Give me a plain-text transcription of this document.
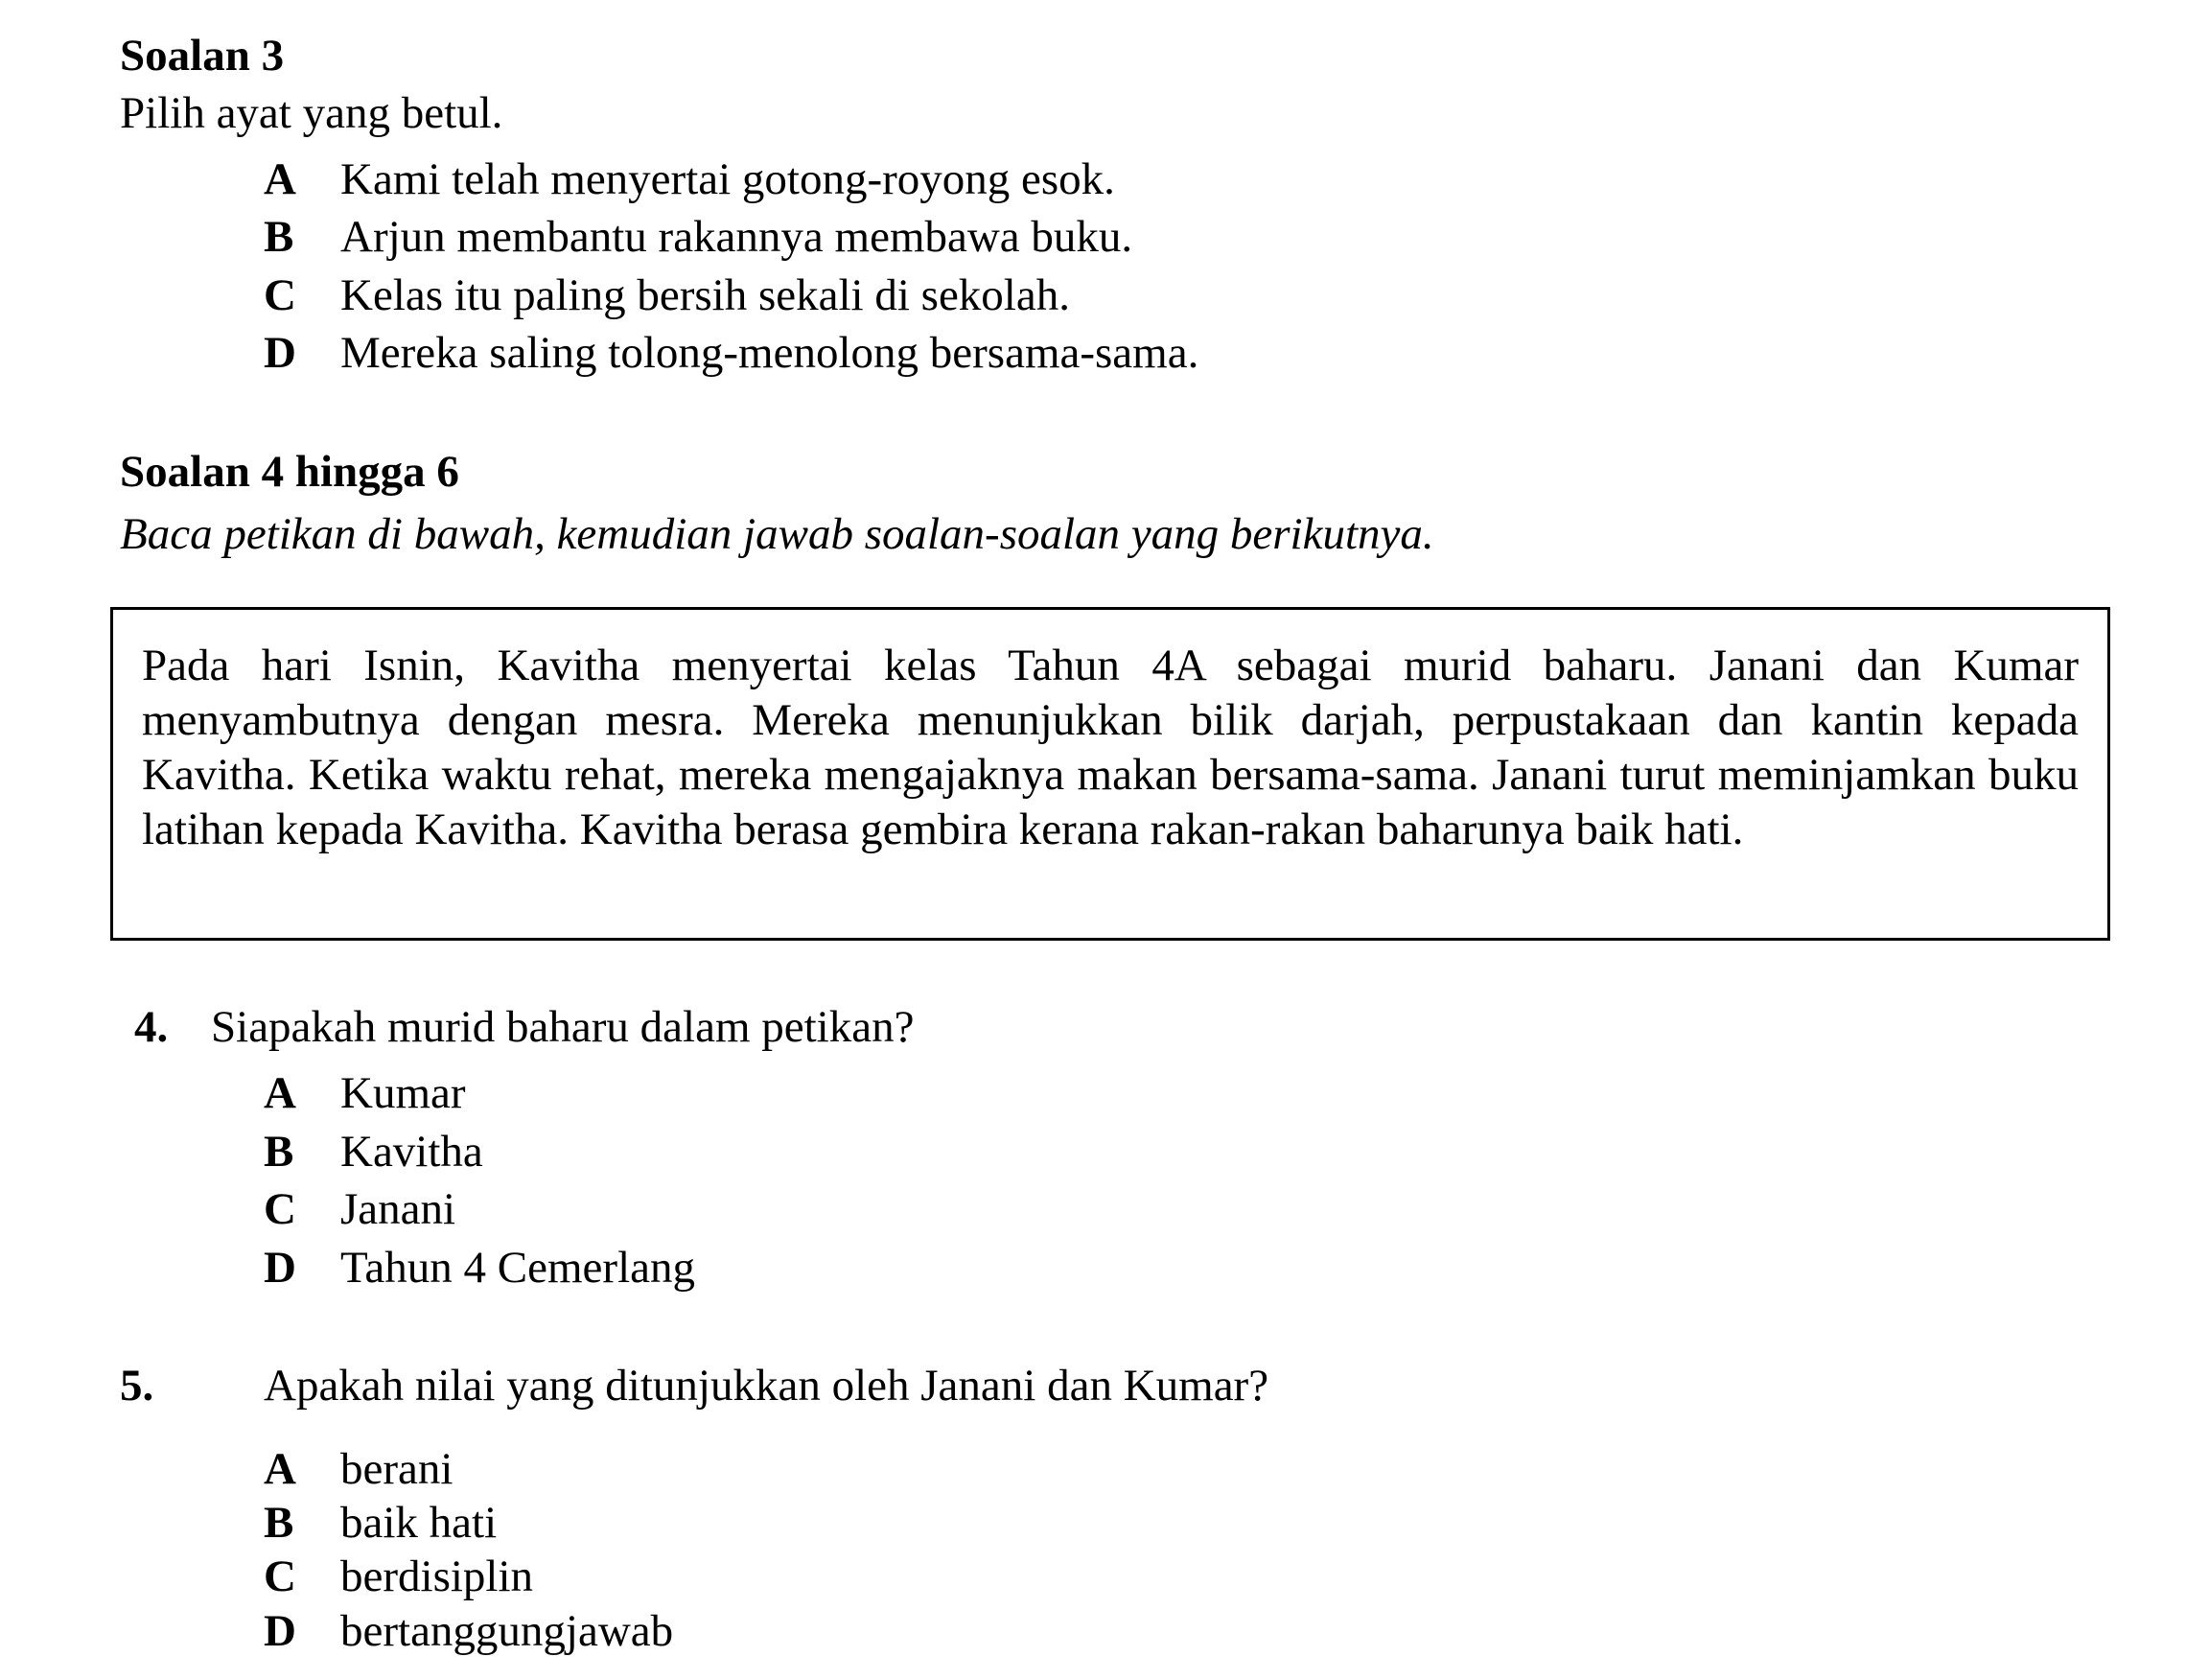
Soalan 3
Pilih ayat yang betul.
A Kami telah menyertai gotong-royong esok.
B Arjun membantu rakannya membawa buku.
C Kelas itu paling bersih sekali di sekolah.
D Mereka saling tolong-menolong bersama-sama.
Soalan 4 hingga 6
Baca petikan di bawah, kemudian jawab soalan-soalan yang berikutnya.
Pada hari Isnin, Kavitha menyertai kelas Tahun 4A sebagai murid baharu. Janani dan Kumar menyambutnya dengan mesra. Mereka menunjukkan bilik darjah, perpustakaan dan kantin kepada Kavitha. Ketika waktu rehat, mereka mengajaknya makan bersama-sama. Janani turut meminjamkan buku latihan kepada Kavitha. Kavitha berasa gembira kerana rakan-rakan baharunya baik hati.
4. Siapakah murid baharu dalam petikan?
A Kumar
B Kavitha
C Janani
D Tahun 4 Cemerlang
5. Apakah nilai yang ditunjukkan oleh Janani dan Kumar?
A berani
B baik hati
C berdisiplin
D bertanggungjawab
